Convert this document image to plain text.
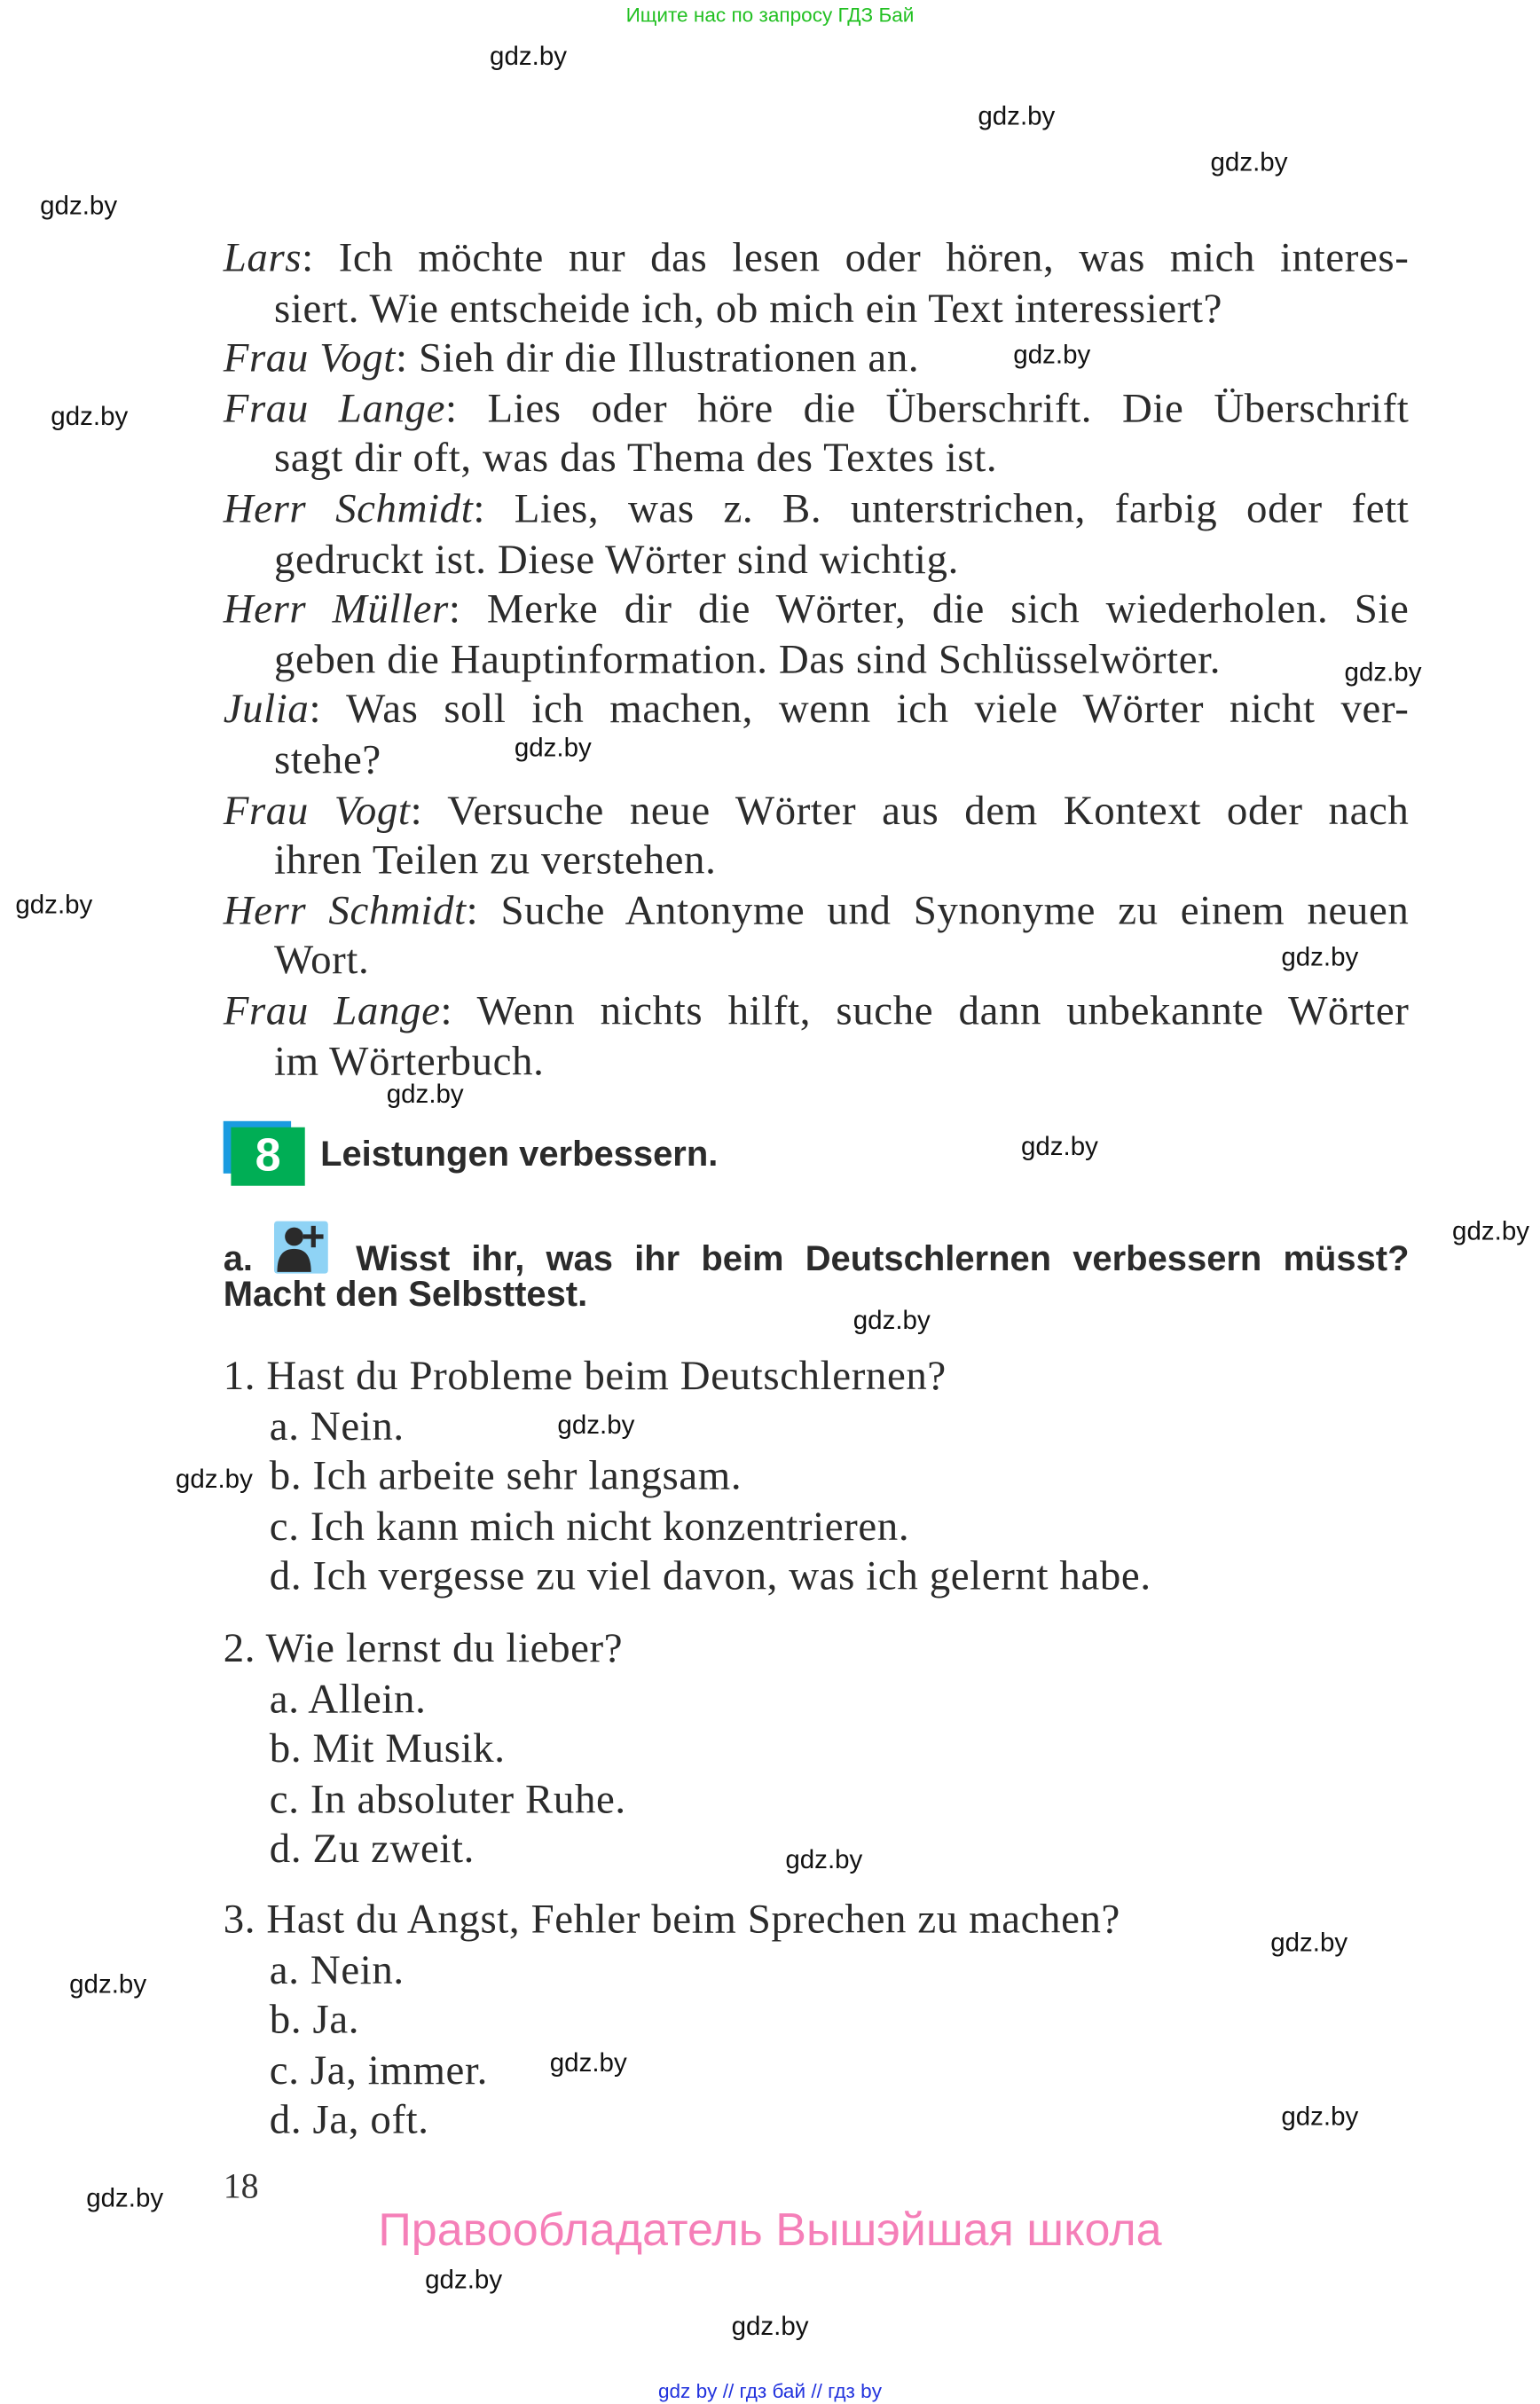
Ищите нас по запросу ГДЗ Бай
gdz.by
gdz.by
gdz.by
gdz.by
gdz.by
gdz.by
gdz.by
gdz.by
gdz.by
gdz.by
gdz.by
gdz.by
gdz.by
gdz.by
gdz.by
gdz.by
gdz.by
gdz.by
gdz.by
gdz.by
gdz.by
gdz.by
gdz.by
gdz.by
Lars: Ich möchte nur das lesen oder hören, was mich interes-
siert. Wie entscheide ich, ob mich ein Text interessiert?
Frau Vogt: Sieh dir die Illustrationen an.
Frau Lange: Lies oder höre die Überschrift. Die Überschrift
sagt dir oft, was das Thema des Textes ist.
Herr Schmidt: Lies, was z. B. unterstrichen, farbig oder fett
gedruckt ist. Diese Wörter sind wichtig.
Herr Müller: Merke dir die Wörter, die sich wiederholen. Sie
geben die Hauptinformation. Das sind Schlüsselwörter.
Julia: Was soll ich machen, wenn ich viele Wörter nicht ver-
stehe?
Frau Vogt: Versuche neue Wörter aus dem Kontext oder nach
ihren Teilen zu verstehen.
Herr Schmidt: Suche Antonyme und Synonyme zu einem neuen
Wort.
Frau Lange: Wenn nichts hilft, suche dann unbekannte Wörter
im Wörterbuch.
8	Leistungen verbessern.
a.	Wisst ihr, was ihr beim Deutschlernen verbessern müsst?
Macht den Selbsttest.
1. Hast du Probleme beim Deutschlernen?
a. Nein.
b. Ich arbeite sehr langsam.
c. Ich kann mich nicht konzentrieren.
d. Ich vergesse zu viel davon, was ich gelernt habe.
2. Wie lernst du lieber?
a. Allein.
b. Mit Musik.
c. In absoluter Ruhe.
d. Zu zweit.
3. Hast du Angst, Fehler beim Sprechen zu machen?
a. Nein.
b. Ja.
c. Ja, immer.
d. Ja, oft.
18
Правообладатель Вышэйшая школа
gdz by // гдз бай // гдз by
